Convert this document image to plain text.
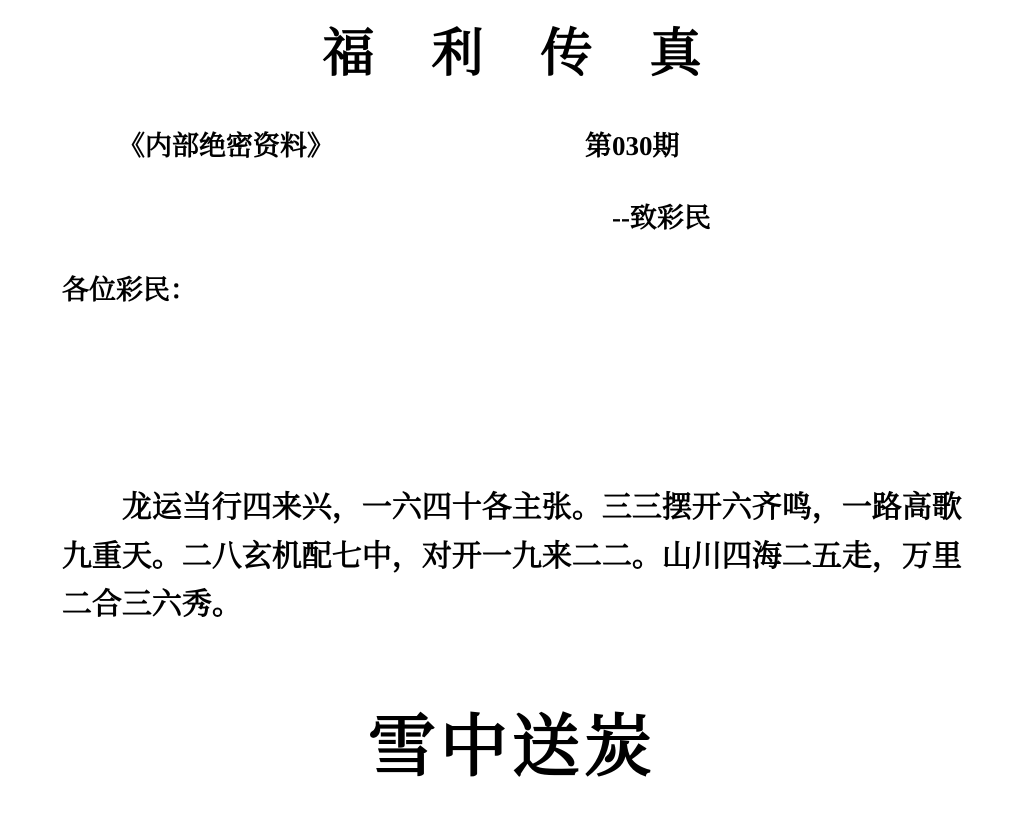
福 利 传 真
《内部绝密资料》	第030期
--致彩民
各位彩民：
龙运当行四来兴，一六四十各主张。三三摆开六齐鸣，一路高歌九重天。二八玄机配七中，对开一九来二二。山川四海二五走，万里二合三六秀。
雪中送炭
